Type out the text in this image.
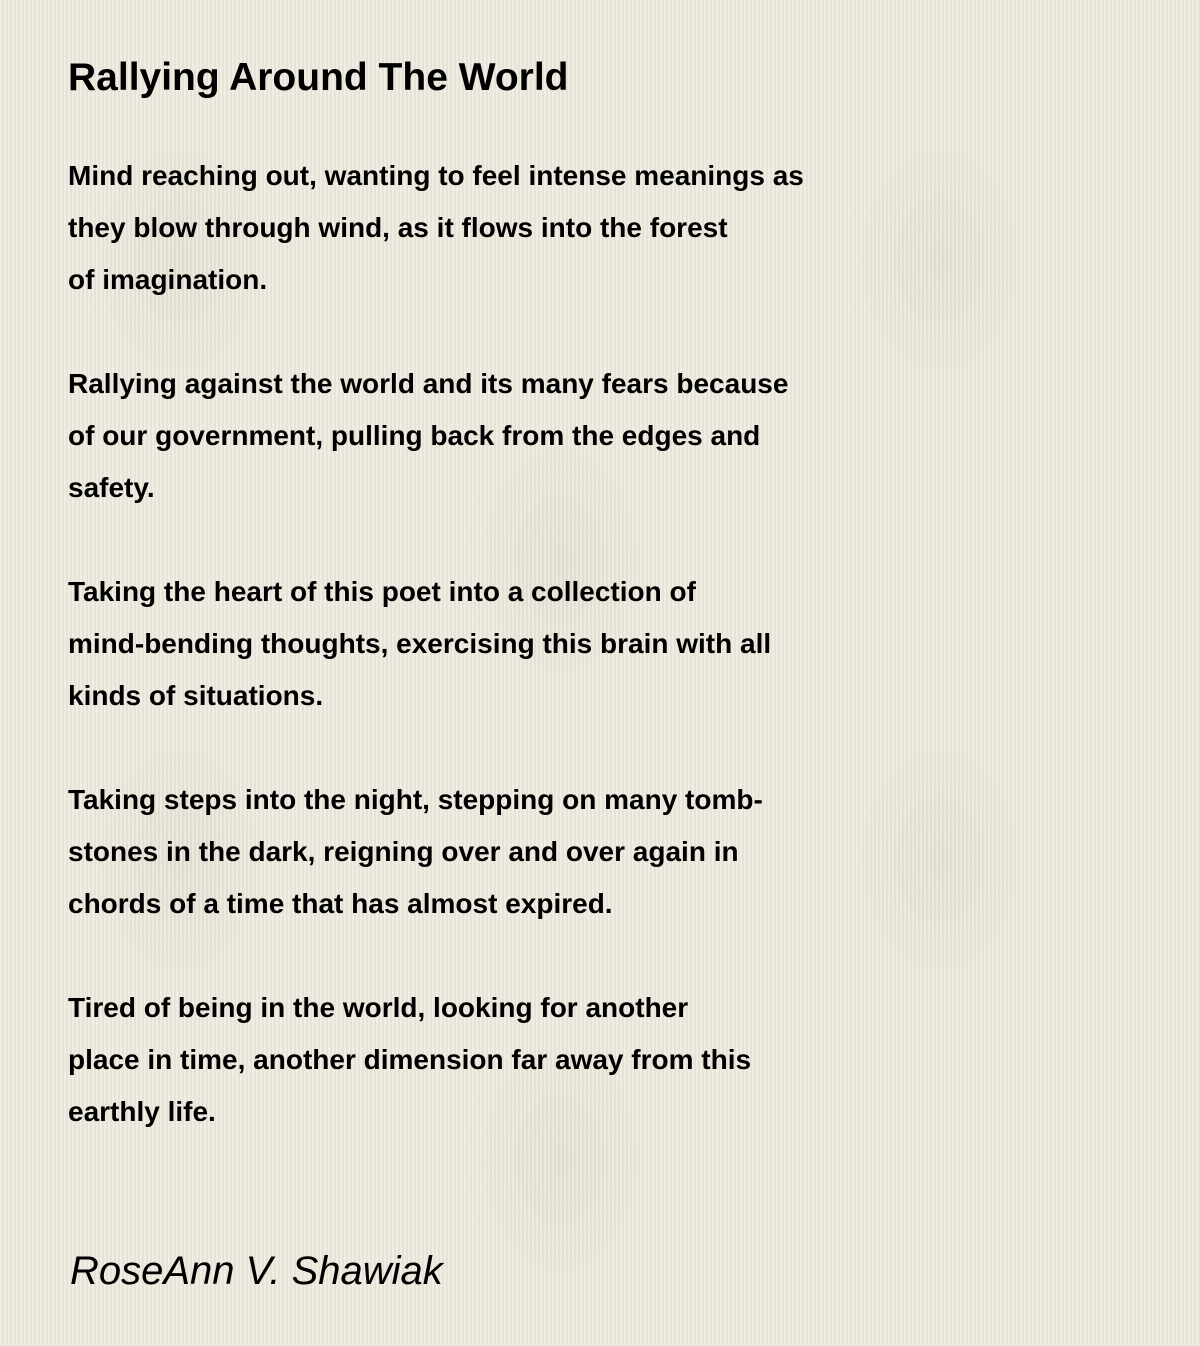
Rallying Around The World
Mind reaching out, wanting to feel intense meanings as
they blow through wind, as it flows into the forest
of imagination.
Rallying against the world and its many fears because
of our government, pulling back from the edges and
safety.
Taking the heart of this poet into a collection of
mind-bending thoughts, exercising this brain with all
kinds of situations.
Taking steps into the night, stepping on many tomb-
stones in the dark, reigning over and over again in
chords of a time that has almost expired.
Tired of being in the world, looking for another
place in time, another dimension far away from this
earthly life.
RoseAnn V. Shawiak
